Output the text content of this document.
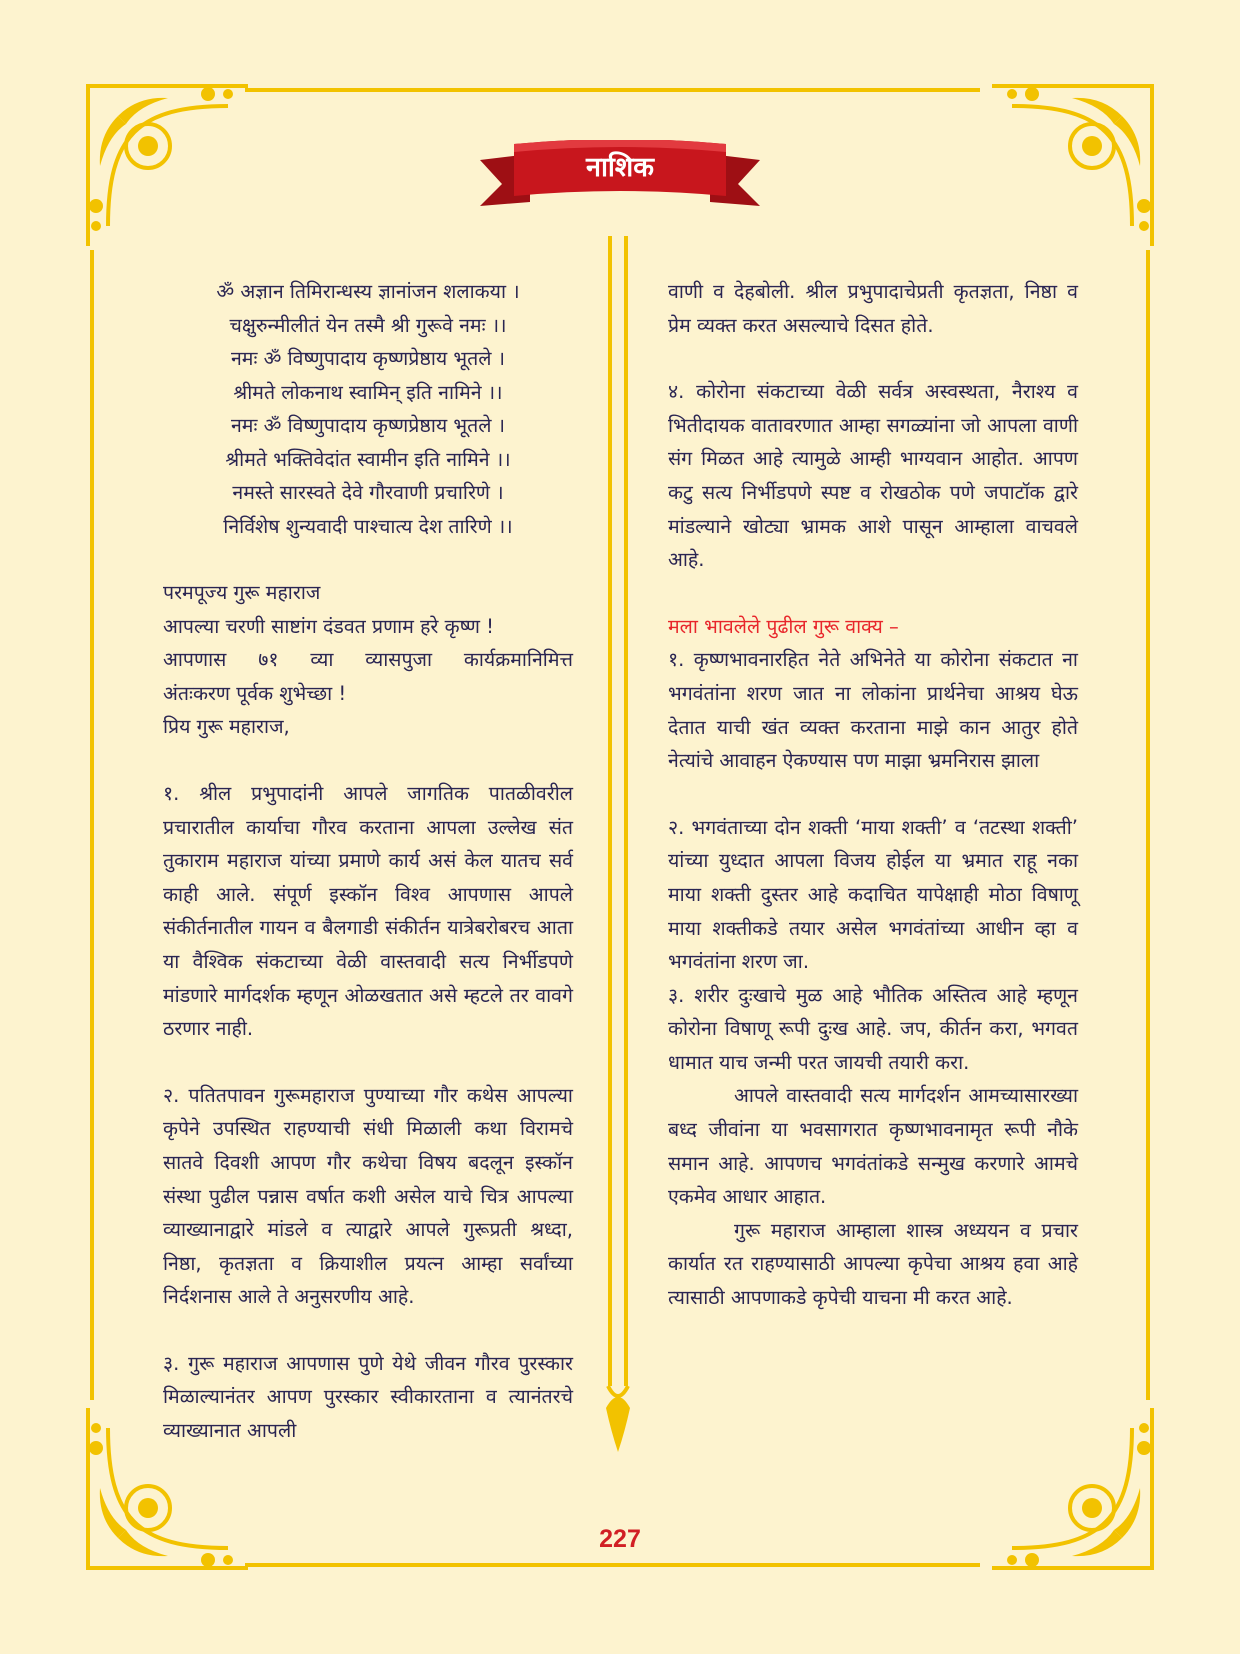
नाशिक

ॐ अज्ञान तिमिरान्धस्य ज्ञानांजन शलाकया ।

चक्षुरुन्मीलीतं येन तस्मै श्री गुरूवे नमः ।।

नमः ॐ विष्णुपादाय कृष्णप्रेष्ठाय भूतले ।

श्रीमते लोकनाथ स्वामिन् इति नामिने ।।

नमः ॐ विष्णुपादाय कृष्णप्रेष्ठाय भूतले ।

श्रीमते भक्तिवेदांत स्वामीन इति नामिने ।।

नमस्ते सारस्वते देवे गौरवाणी प्रचारिणे ।

निर्विशेष शुन्यवादी पाश्चात्य देश तारिणे ।।

परमपूज्य गुरू महाराज
आपल्या चरणी साष्टांग दंडवत प्रणाम हरे कृष्ण !
आपणास ७१ व्या व्यासपुजा कार्यक्रमानिमित्त
अंतःकरण पूर्वक शुभेच्छा !
प्रिय गुरू महाराज,

१. श्रील प्रभुपादांनी आपले जागतिक पातळीवरील प्रचारातील कार्याचा गौरव करताना आपला उल्लेख संत तुकाराम महाराज यांच्या प्रमाणे कार्य असं केल यातच सर्व काही आले. संपूर्ण इस्कॉन विश्व आपणास आपले संकीर्तनातील गायन व बैलगाडी संकीर्तन यात्रेबरोबरच आता या वैश्विक संकटाच्या वेळी वास्तवादी सत्य निर्भीडपणे मांडणारे मार्गदर्शक म्हणून ओळखतात असे म्हटले तर वावगे ठरणार नाही.

२. पतितपावन गुरूमहाराज पुण्याच्या गौर कथेस आपल्या कृपेने उपस्थित राहण्याची संधी मिळाली कथा विरामचे सातवे दिवशी आपण गौर कथेचा विषय बदलून इस्कॉन संस्था पुढील पन्नास वर्षात कशी असेल याचे चित्र आपल्या व्याख्यानाद्वारे मांडले व त्याद्वारे आपले गुरूप्रती श्रध्दा, निष्ठा, कृतज्ञता व क्रियाशील प्रयत्न आम्हा सर्वांच्या निर्दशनास आले ते अनुसरणीय आहे.

३. गुरू महाराज आपणास पुणे येथे जीवन गौरव पुरस्कार मिळाल्यानंतर आपण पुरस्कार स्वीकारताना व त्यानंतरचे व्याख्यानात आपली

वाणी व देहबोली. श्रील प्रभुपादाचेप्रती कृतज्ञता, निष्ठा व प्रेम व्यक्त करत असल्याचे दिसत होते.

४. कोरोना संकटाच्या वेळी सर्वत्र अस्वस्थता, नैराश्य व भितीदायक वातावरणात आम्हा सगळ्यांना जो आपला वाणी संग मिळत आहे त्यामुळे आम्ही भाग्यवान आहोत. आपण कटु सत्य निर्भीडपणे स्पष्ट व रोखठोक पणे जपाटॉक द्वारे मांडल्याने खोट्या भ्रामक आशे पासून आम्हाला वाचवले आहे.

मला भावलेले पुढील गुरू वाक्य –

१. कृष्णभावनारहित नेते अभिनेते या कोरोना संकटात ना भगवंतांना शरण जात ना लोकांना प्रार्थनेचा आश्रय घेऊ देतात याची खंत व्यक्त करताना माझे कान आतुर होते नेत्यांचे आवाहन ऐकण्यास पण माझा भ्रमनिरास झाला

२. भगवंताच्या दोन शक्ती ‘माया शक्ती’ व ‘तटस्था शक्ती’ यांच्या युध्दात आपला विजय होईल या भ्रमात राहू नका माया शक्ती दुस्तर आहे कदाचित यापेक्षाही मोठा विषाणू माया शक्तीकडे तयार असेल भगवंतांच्या आधीन व्हा व भगवंतांना शरण जा.

३. शरीर दुःखाचे मुळ आहे भौतिक अस्तित्व आहे म्हणून कोरोना विषाणू रूपी दुःख आहे. जप, कीर्तन करा, भगवत धामात याच जन्मी परत जायची तयारी करा.

आपले वास्तवादी सत्य मार्गदर्शन आमच्यासारख्या बध्द जीवांना या भवसागरात कृष्णभावनामृत रूपी नौके समान आहे. आपणच भगवंतांकडे सन्मुख करणारे आमचे एकमेव आधार आहात.

गुरू महाराज आम्हाला शास्त्र अध्ययन व प्रचार कार्यात रत राहण्यासाठी आपल्या कृपेचा आश्रय हवा आहे त्यासाठी आपणाकडे कृपेची याचना मी करत आहे.

227
